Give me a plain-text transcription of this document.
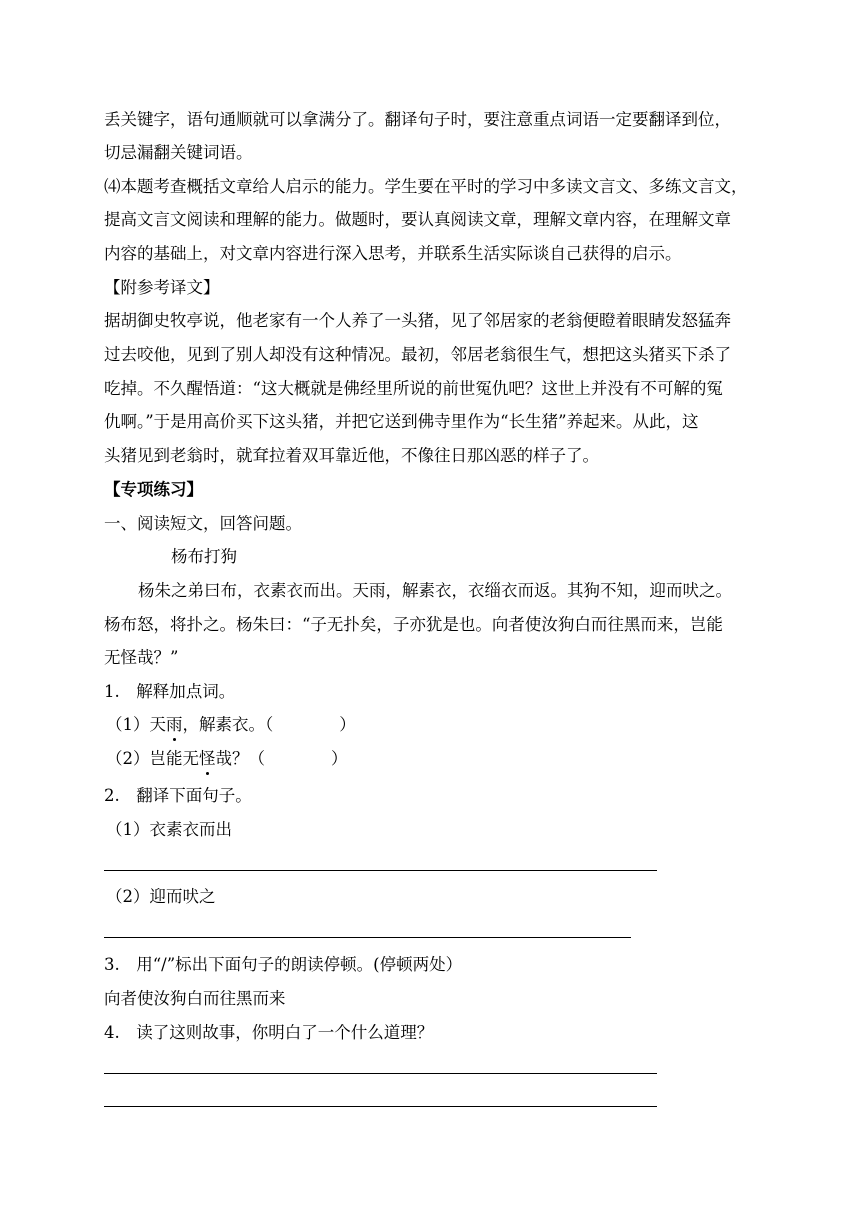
丢关键字，语句通顺就可以拿满分了。翻译句子时，要注意重点词语一定要翻译到位，
切忌漏翻关键词语。
⑷本题考查概括文章给人启示的能力。学生要在平时的学习中多读文言文、多练文言文，
提高文言文阅读和理解的能力。做题时，要认真阅读文章，理解文章内容，在理解文章
内容的基础上，对文章内容进行深入思考，并联系生活实际谈自己获得的启示。
【附参考译文】
据胡御史牧亭说，他老家有一个人养了一头猪，见了邻居家的老翁便瞪着眼睛发怒猛奔
过去咬他，见到了别人却没有这种情况。最初，邻居老翁很生气，想把这头猪买下杀了
吃掉。不久醒悟道：“这大概就是佛经里所说的前世冤仇吧？这世上并没有不可解的冤
仇啊。”于是用高价买下这头猪，并把它送到佛寺里作为“长生猪”养起来。从此，这
头猪见到老翁时，就耷拉着双耳靠近他，不像往日那凶恶的样子了。
【专项练习】
一、阅读短文，回答问题。
杨布打狗
杨朱之弟曰布，衣素衣而出。天雨，解素衣，衣缁衣而返。其狗不知，迎而吠之。
杨布怒，将扑之。杨朱曰：“子无扑矣，子亦犹是也。向者使汝狗白而往黑而来，岂能
无怪哉？”
1.　解释加点词。
（1）天雨，解素衣。（　　　　）
（2）岂能无怪哉？（　　　　）
2.　翻译下面句子。
（1）衣素衣而出
（2）迎而吠之
3.　用“/”标出下面句子的朗读停顿。(停顿两处）
向者使汝狗白而往黑而来
4.　读了这则故事，你明白了一个什么道理？
